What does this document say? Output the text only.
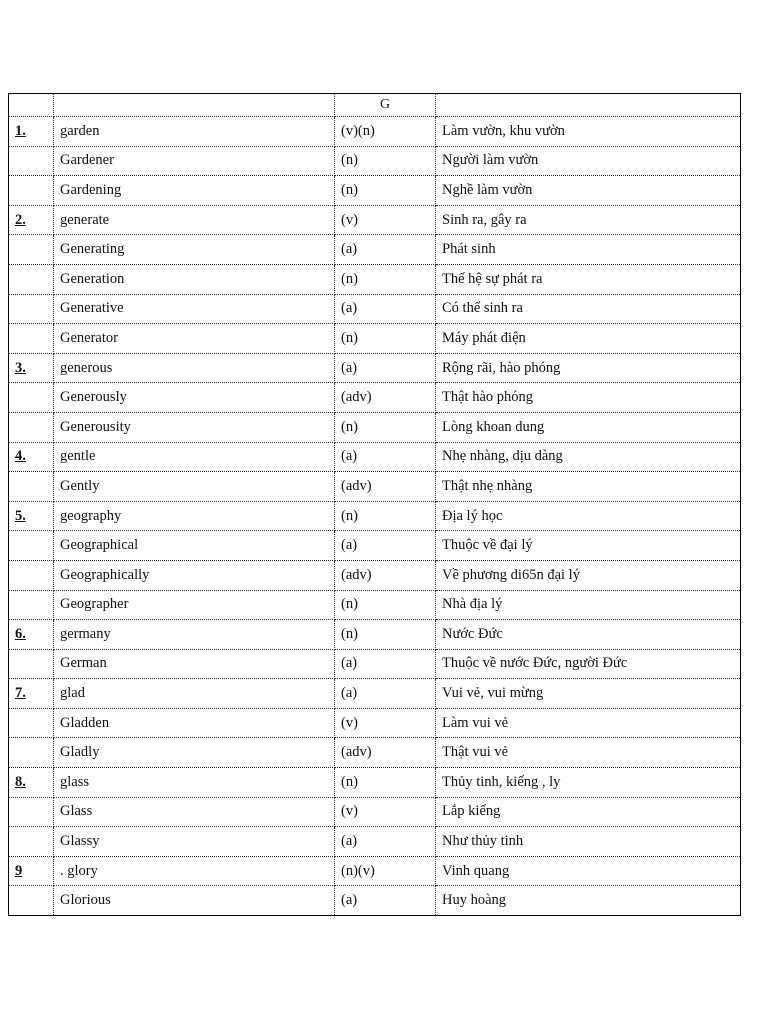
		G	
1.	garden	(v)(n)	Làm vườn, khu vườn
	Gardener	(n)	Người làm vườn
	Gardening	(n)	Nghề làm vườn
2.	generate	(v)	Sinh ra, gây ra
	Generating	(a)	Phát sinh
	Generation	(n)	Thế hệ sự phát ra
	Generative	(a)	Có thể sinh ra
	Generator	(n)	Máy phát điện
3.	generous	(a)	Rộng rãi, hào phóng
	Generously	(adv)	Thật hào phóng
	Generousity	(n)	Lòng khoan dung
4.	gentle	(a)	Nhẹ nhàng, dịu dàng
	Gently	(adv)	Thật nhẹ nhàng
5.	geography	(n)	Địa lý học
	Geographical	(a)	Thuộc về đại lý
	Geographically	(adv)	Về phương di65n đại lý
	Geographer	(n)	Nhà địa lý
6.	germany	(n)	Nước Đức
	German	(a)	Thuộc về nước Đức, người Đức
7.	glad	(a)	Vui vẻ, vui mừng
	Gladden	(v)	Làm vui vẻ
	Gladly	(adv)	Thật vui vẻ
8.	glass	(n)	Thủy tinh, kiếng , ly
	Glass	(v)	Lắp kiếng
	Glassy	(a)	Như thủy tinh
9	. glory	(n)(v)	Vinh quang
	Glorious	(a)	Huy hoàng
